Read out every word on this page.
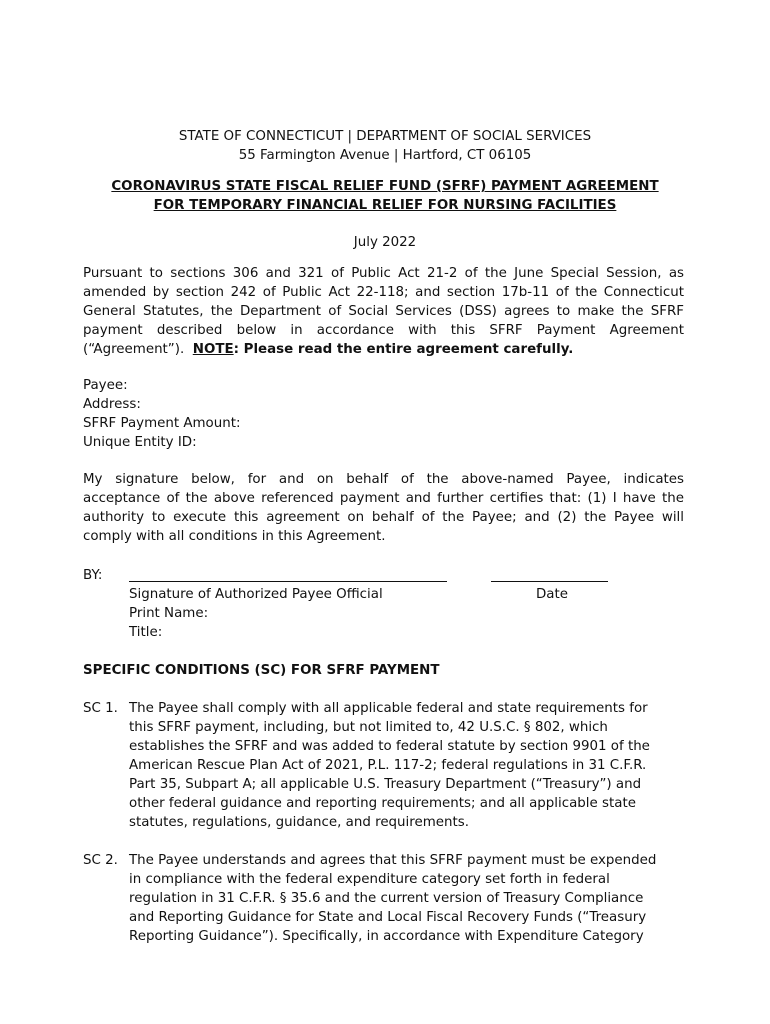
STATE OF CONNECTICUT | DEPARTMENT OF SOCIAL SERVICES
55 Farmington Avenue | Hartford, CT 06105
CORONAVIRUS STATE FISCAL RELIEF FUND (SFRF) PAYMENT AGREEMENT
FOR TEMPORARY FINANCIAL RELIEF FOR NURSING FACILITIES
July 2022
Pursuant to sections 306 and 321 of Public Act 21-2 of the June Special Session, as
amended by section 242 of Public Act 22-118; and section 17b-11 of the Connecticut
General Statutes, the Department of Social Services (DSS) agrees to make the SFRF
payment described below in accordance with this SFRF Payment Agreement
(“Agreement”). NOTE: Please read the entire agreement carefully.
Payee:
Address:
SFRF Payment Amount:
Unique Entity ID:
My signature below, for and on behalf of the above-named Payee, indicates
acceptance of the above referenced payment and further certifies that: (1) I have the
authority to execute this agreement on behalf of the Payee; and (2) the Payee will
comply with all conditions in this Agreement.
BY:
Signature of Authorized Payee Official	Date
Print Name:
Title:
SPECIFIC CONDITIONS (SC) FOR SFRF PAYMENT
SC 1. The Payee shall comply with all applicable federal and state requirements for
this SFRF payment, including, but not limited to, 42 U.S.C. § 802, which
establishes the SFRF and was added to federal statute by section 9901 of the
American Rescue Plan Act of 2021, P.L. 117-2; federal regulations in 31 C.F.R.
Part 35, Subpart A; all applicable U.S. Treasury Department (“Treasury”) and
other federal guidance and reporting requirements; and all applicable state
statutes, regulations, guidance, and requirements.
SC 2. The Payee understands and agrees that this SFRF payment must be expended
in compliance with the federal expenditure category set forth in federal
regulation in 31 C.F.R. § 35.6 and the current version of Treasury Compliance
and Reporting Guidance for State and Local Fiscal Recovery Funds (“Treasury
Reporting Guidance”). Specifically, in accordance with Expenditure Category
